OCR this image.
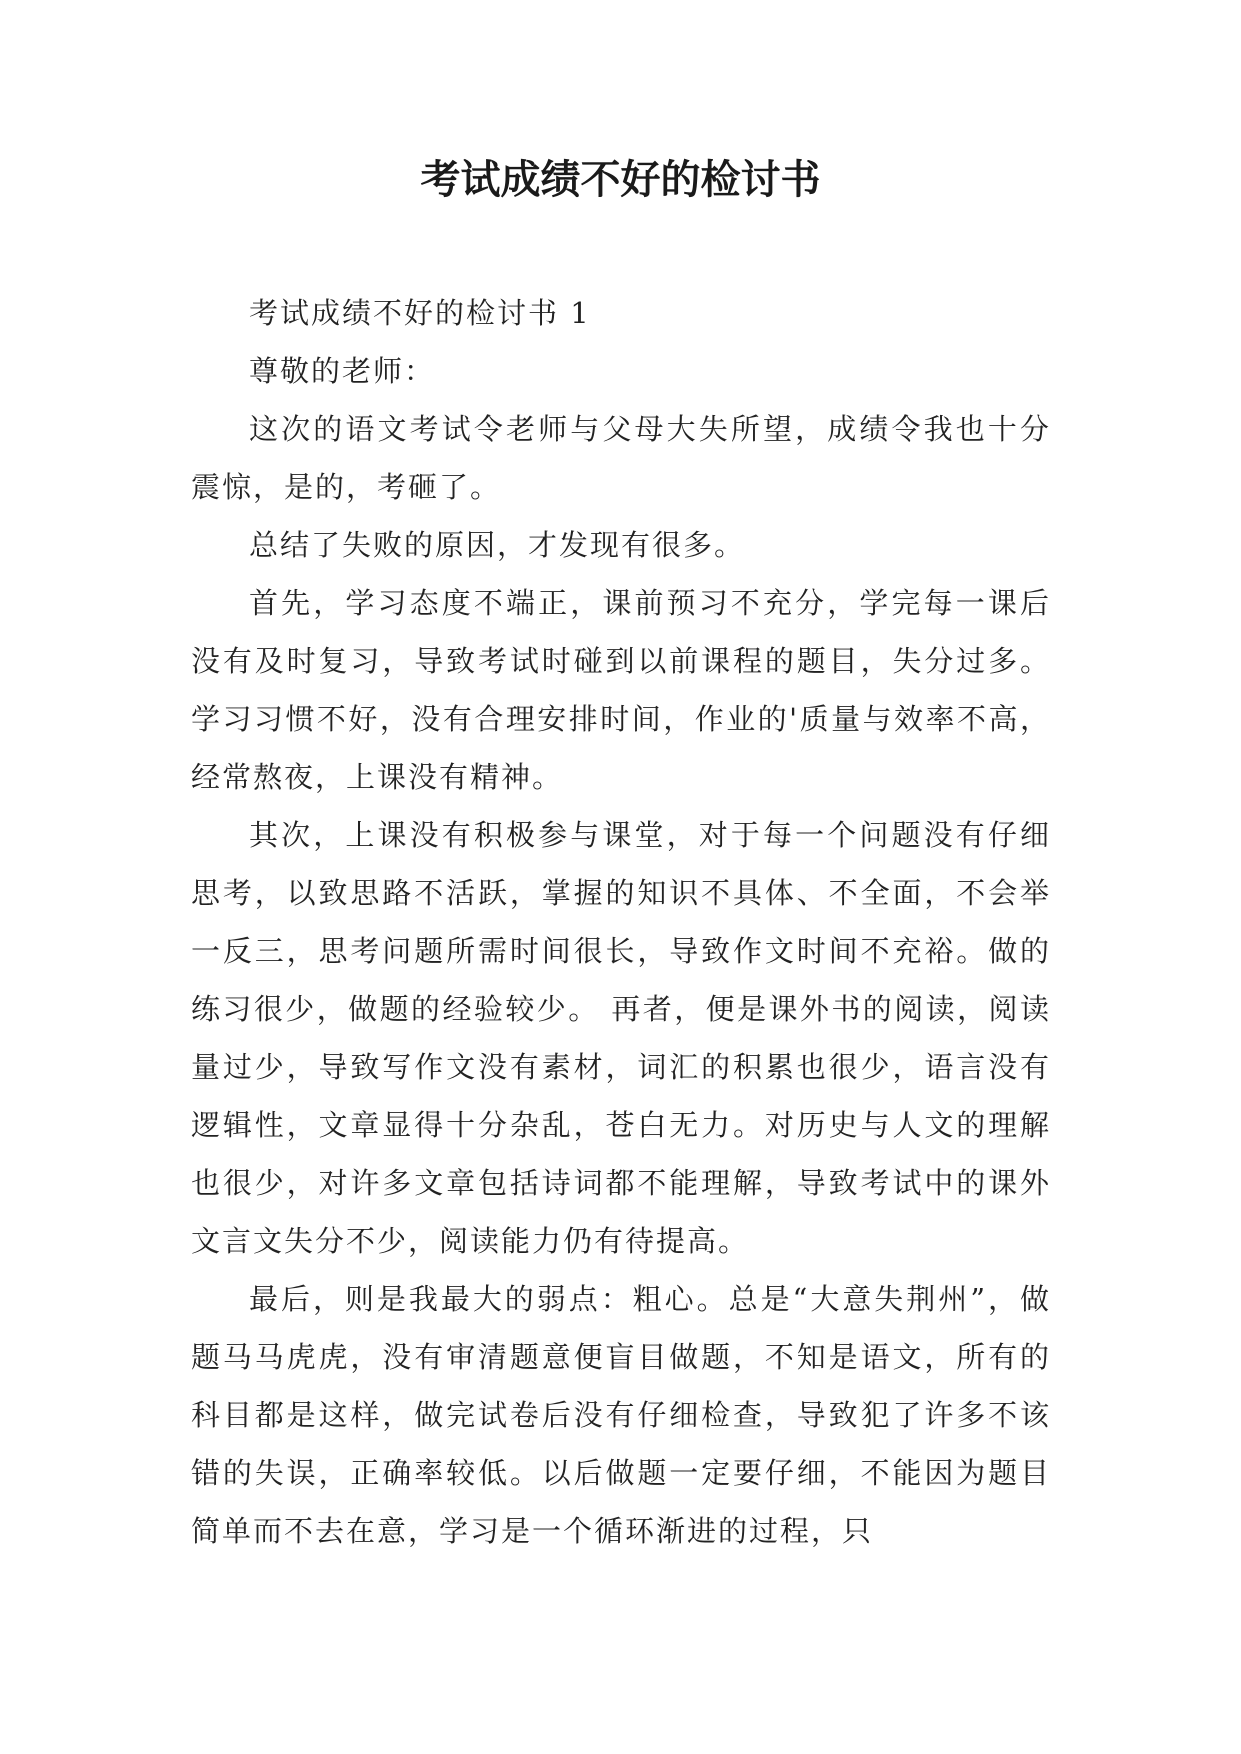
考试成绩不好的检讨书

考试成绩不好的检讨书 1

尊敬的老师：

这次的语文考试令老师与父母大失所望，成绩令我也十分震惊，是的，考砸了。

总结了失败的原因，才发现有很多。

首先，学习态度不端正，课前预习不充分，学完每一课后没有及时复习，导致考试时碰到以前课程的题目，失分过多。学习习惯不好，没有合理安排时间，作业的'质量与效率不高，经常熬夜，上课没有精神。

其次，上课没有积极参与课堂，对于每一个问题没有仔细思考，以致思路不活跃，掌握的知识不具体、不全面，不会举一反三，思考问题所需时间很长，导致作文时间不充裕。做的练习很少，做题的经验较少。 再者，便是课外书的阅读，阅读量过少，导致写作文没有素材，词汇的积累也很少，语言没有逻辑性，文章显得十分杂乱，苍白无力。对历史与人文的理解也很少，对许多文章包括诗词都不能理解，导致考试中的课外文言文失分不少，阅读能力仍有待提高。

最后，则是我最大的弱点：粗心。总是“大意失荆州”，做题马马虎虎，没有审清题意便盲目做题，不知是语文，所有的科目都是这样，做完试卷后没有仔细检查，导致犯了许多不该错的失误，正确率较低。以后做题一定要仔细，不能因为题目简单而不去在意，学习是一个循环渐进的过程，只
